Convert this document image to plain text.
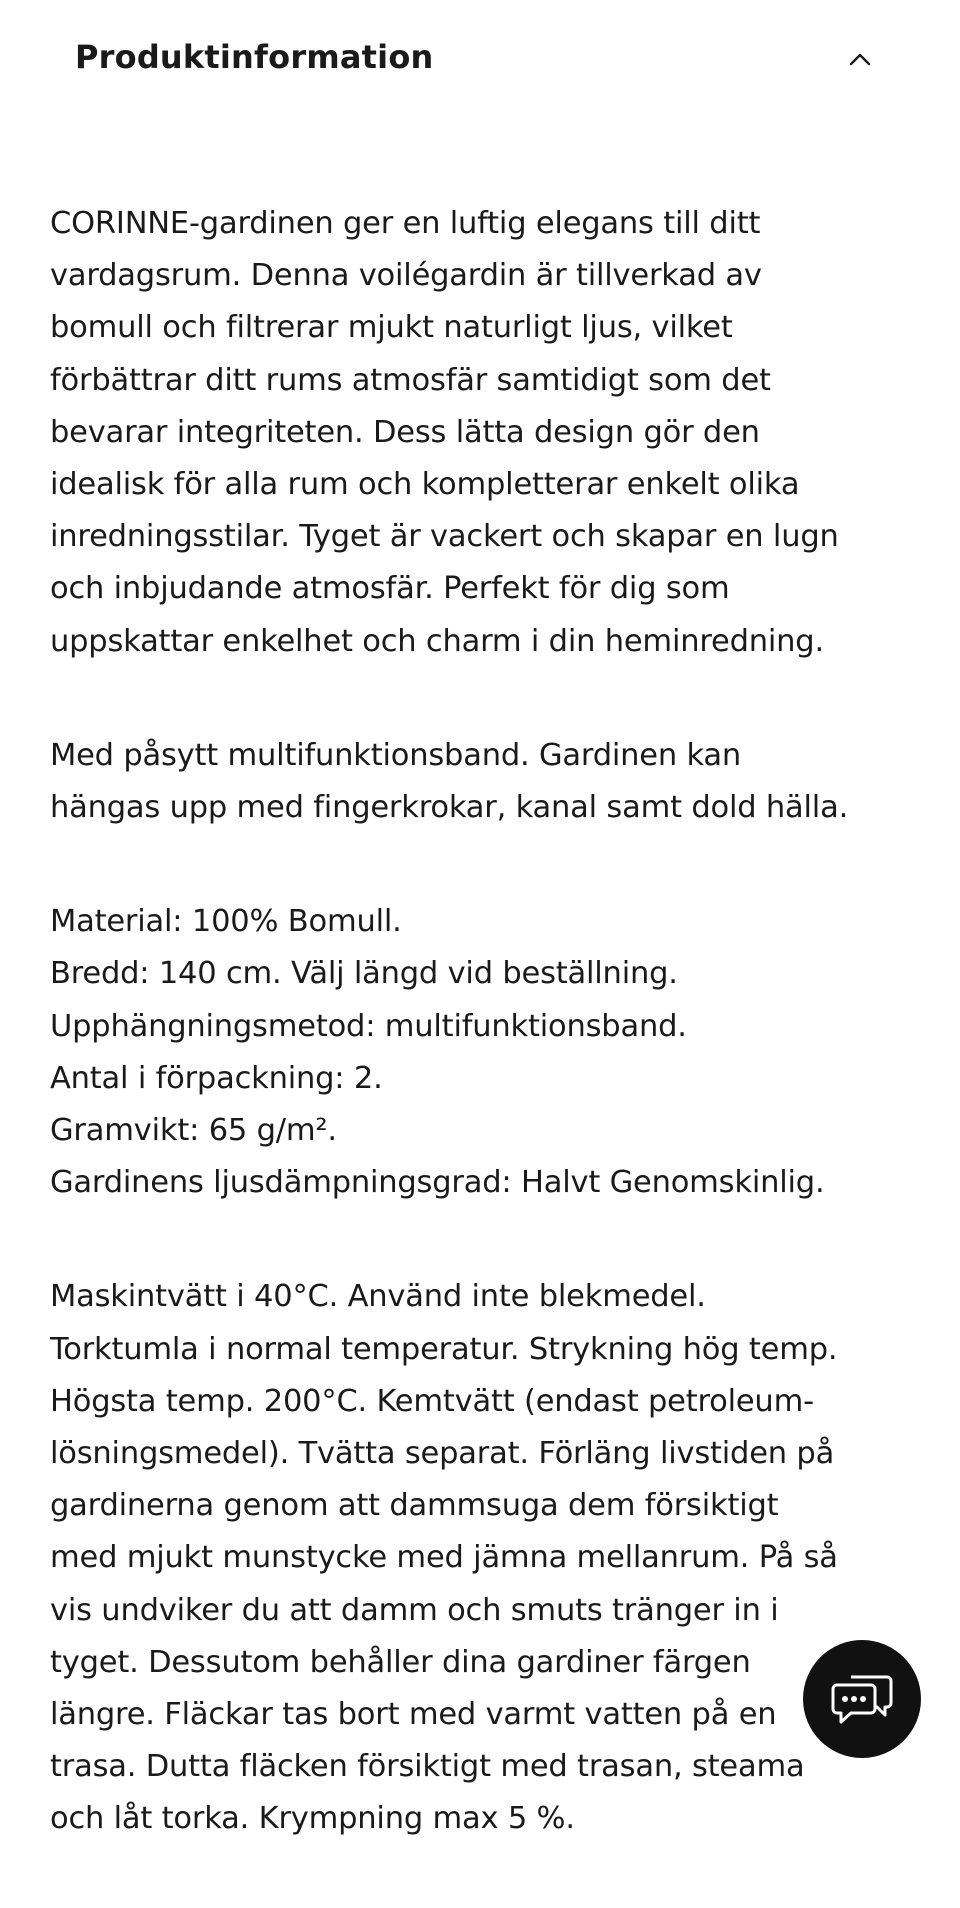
Produktinformation

CORINNE-gardinen ger en luftig elegans till ditt
vardagsrum. Denna voilégardin är tillverkad av
bomull och filtrerar mjukt naturligt ljus, vilket
förbättrar ditt rums atmosfär samtidigt som det
bevarar integriteten. Dess lätta design gör den
idealisk för alla rum och kompletterar enkelt olika
inredningsstilar. Tyget är vackert och skapar en lugn
och inbjudande atmosfär. Perfekt för dig som
uppskattar enkelhet och charm i din heminredning.

Med påsytt multifunktionsband. Gardinen kan
hängas upp med fingerkrokar, kanal samt dold hälla.

Material: 100% Bomull.
Bredd: 140 cm. Välj längd vid beställning.
Upphängningsmetod: multifunktionsband.
Antal i förpackning: 2.
Gramvikt: 65 g/m².
Gardinens ljusdämpningsgrad: Halvt Genomskinlig.

Maskintvätt i 40°C. Använd inte blekmedel.
Torktumla i normal temperatur. Strykning hög temp.
Högsta temp. 200°C. Kemtvätt (endast petroleum-
lösningsmedel). Tvätta separat. Förläng livstiden på
gardinerna genom att dammsuga dem försiktigt
med mjukt munstycke med jämna mellanrum. På så
vis undviker du att damm och smuts tränger in i
tyget. Dessutom behåller dina gardiner färgen
längre. Fläckar tas bort med varmt vatten på en
trasa. Dutta fläcken försiktigt med trasan, steama
och låt torka. Krympning max 5 %.
